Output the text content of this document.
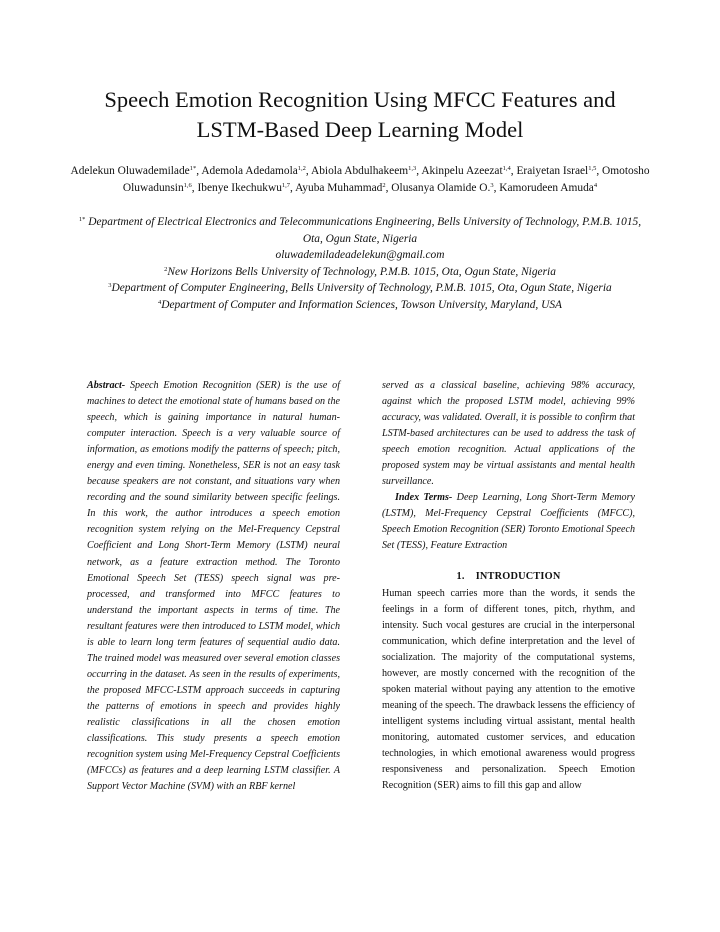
Speech Emotion Recognition Using MFCC Features and
LSTM-Based Deep Learning Model
Adelekun Oluwademilade$^{1*}$, Ademola Adedamola$^{1,2}$, Abiola Abdulhakeem$^{1,3}$, Akinpelu Azeezat$^{1,4}$, Eraiyetan Israel$^{1,5}$, Omotosho Oluwadunsin$^{1,6}$, Ibenye Ikechukwu$^{1,7}$, Ayuba Muhammad$^2$, Olusanya Olamide O.$^3$, Kamorudeen Amuda$^4$

$^{1*}$ Department of Electrical Electronics and Telecommunications Engineering, Bells University of Technology, P.M.B. 1015, Ota, Ogun State, Nigeria

oluwademiladeadelekun@gmail.com

$^2$New Horizons Bells University of Technology, P.M.B. 1015, Ota, Ogun State, Nigeria

$^3$Department of Computer Engineering, Bells University of Technology, P.M.B. 1015, Ota, Ogun State, Nigeria

$^4$Department of Computer and Information Sciences, Towson University, Maryland, USA

Abstract- Speech Emotion Recognition (SER) is the use of machines to detect the emotional state of humans based on the speech, which is gaining importance in natural human-computer interaction. Speech is a very valuable source of information, as emotions modify the patterns of speech; pitch, energy and even timing. Nonetheless, SER is not an easy task because speakers are not constant, and situations vary when recording and the sound similarity between specific feelings. In this work, the author introduces a speech emotion recognition system relying on the Mel-Frequency Cepstral Coefficient and Long Short-Term Memory (LSTM) neural network, as a feature extraction method. The Toronto Emotional Speech Set (TESS) speech signal was pre-processed, and transformed into MFCC features to understand the important aspects in terms of time. The resultant features were then introduced to LSTM model, which is able to learn long term features of sequential audio data. The trained model was measured over several emotion classes occurring in the dataset. As seen in the results of experiments, the proposed MFCC-LSTM approach succeeds in capturing the patterns of emotions in speech and provides highly realistic classifications in all the chosen emotion classifications. This study presents a speech emotion recognition system using Mel-Frequency Cepstral Coefficients (MFCCs) as features and a deep learning LSTM classifier. A Support Vector Machine (SVM) with an RBF kernel

served as a classical baseline, achieving 98% accuracy, against which the proposed LSTM model, achieving 99% accuracy, was validated. Overall, it is possible to confirm that LSTM-based architectures can be used to address the task of speech emotion recognition. Actual applications of the proposed system may be virtual assistants and mental health surveillance.

Index Terms- Deep Learning, Long Short-Term Memory (LSTM), Mel-Frequency Cepstral Coefficients (MFCC), Speech Emotion Recognition (SER) Toronto Emotional Speech Set (TESS), Feature Extraction

1.    INTRODUCTION

Human speech carries more than the words, it sends the feelings in a form of different tones, pitch, rhythm, and intensity. Such vocal gestures are crucial in the interpersonal communication, which define interpretation and the level of socialization. The majority of the computational systems, however, are mostly concerned with the recognition of the spoken material without paying any attention to the emotive meaning of the speech. The drawback lessens the efficiency of intelligent systems including virtual assistant, mental health monitoring, automated customer services, and education technologies, in which emotional awareness would progress responsiveness and personalization. Speech Emotion Recognition (SER) aims to fill this gap and allow
